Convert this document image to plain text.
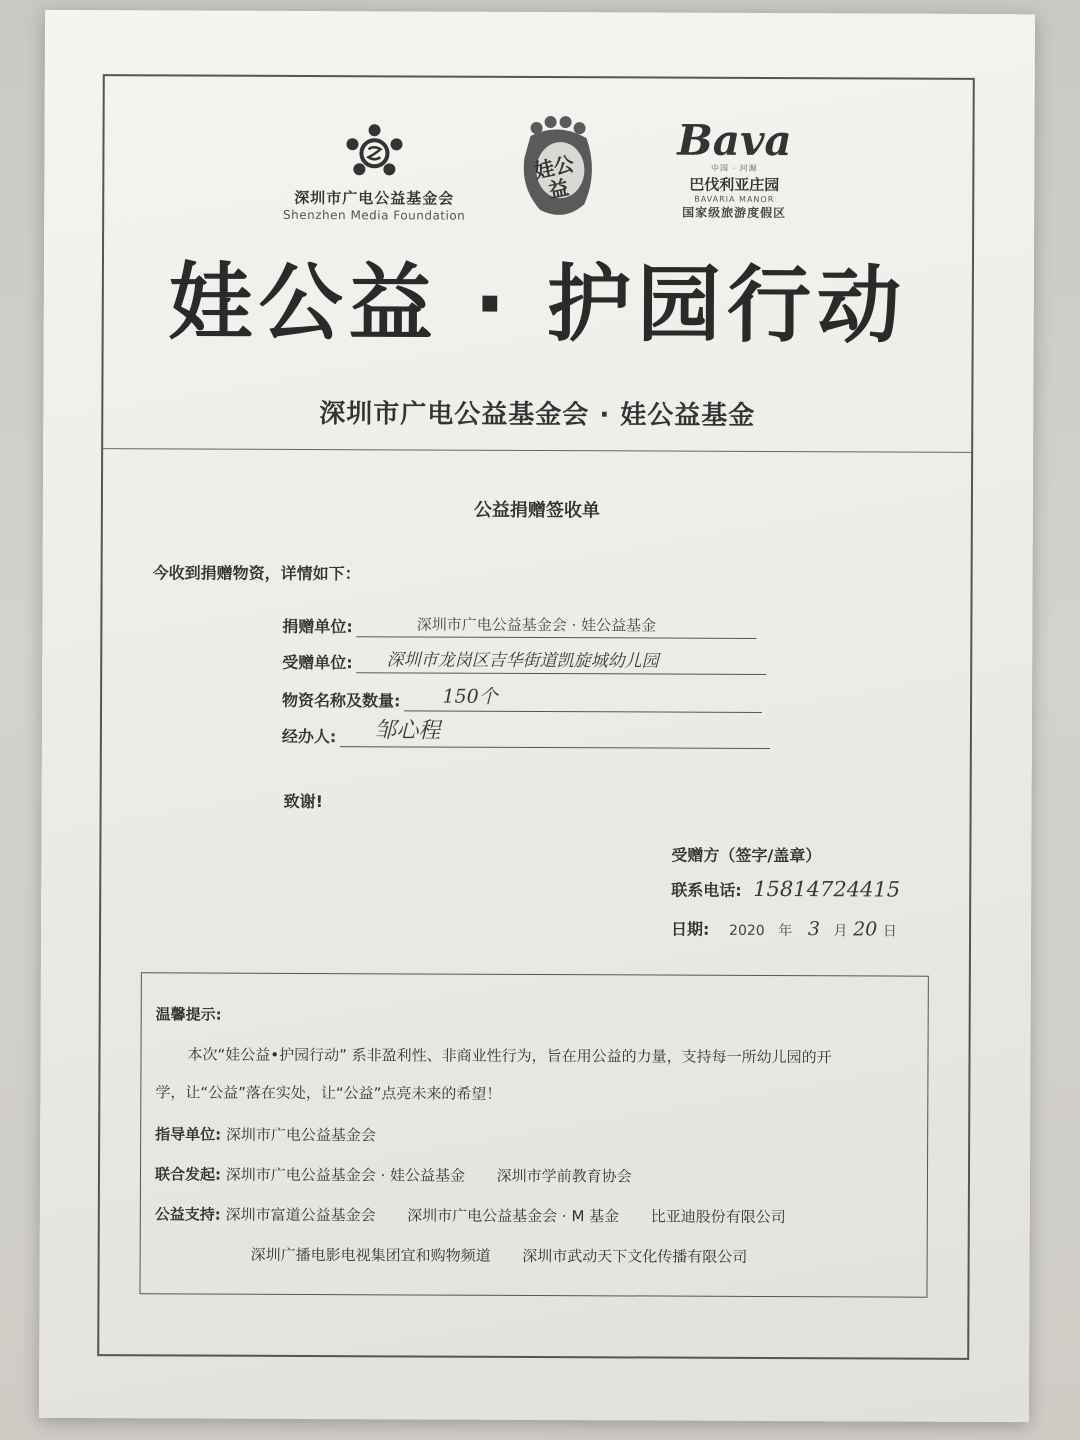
深圳市广电公益基金会
Shenzhen Media Foundation
娃公益
Bava
中国 · 河源
巴伐利亚庄园
BAVARIA MANOR
国家级旅游度假区
娃公益 · 护园行动
深圳市广电公益基金会 · 娃公益基金
公益捐赠签收单
今收到捐赠物资，详情如下：
捐赠单位:	深圳市广电公益基金会 · 娃公益基金
受赠单位: 深圳市龙岗区吉华街道凯旋城幼儿园
物资名称及数量: 150个
经办人: 邹心程
致谢!
受赠方（签字/盖章）
联系电话: 15814724415
日期: 2020 年 3 月 20 日
温馨提示:
本次“娃公益•护园行动” 系非盈利性、非商业性行为，旨在用公益的力量，支持每一所幼儿园的开
学，让“公益”落在实处，让“公益”点亮未来的希望！
指导单位: 深圳市广电公益基金会
联合发起: 深圳市广电公益基金会 · 娃公益基金 深圳市学前教育协会
公益支持: 深圳市富道公益基金会 深圳市广电公益基金会 · M 基金 比亚迪股份有限公司
深圳广播电影电视集团宜和购物频道 深圳市武动天下文化传播有限公司
